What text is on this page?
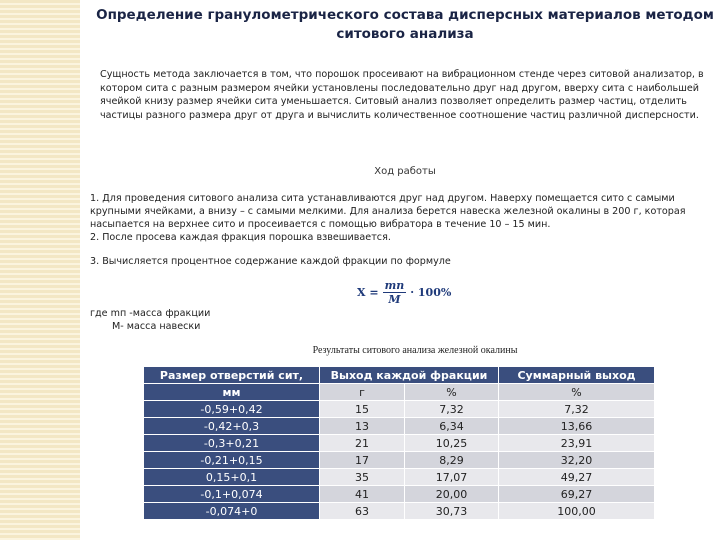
Определение гранулометрического состава дисперсных материалов методом ситового анализа
Сущность метода заключается в том, что порошок просеивают на вибрационном стенде через ситовой анализатор, в котором сита с разным размером ячейки установлены последовательно друг над другом, вверху сита с наибольшей ячейкой книзу размер ячейки сита уменьшается. Ситовый анализ позволяет определить размер частиц, отделить частицы разного размера друг от друга и вычислить количественное соотношение частиц различной дисперсности.
Ход работы

1. Для проведения ситового анализа сита устанавливаются друг над другом. Наверху помещается сито с самыми крупными ячейками, а внизу – с самыми мелкими. Для анализа берется навеска железной окалины в 200 г, которая насыпается на верхнее сито и просеивается с помощью вибратора в течение 10 – 15 мин.

2. После просева каждая фракция порошка взвешивается.

3. Вычисляется процентное содержание каждой фракции по формуле

$X = \frac{mп}{M} \cdot 100\%$
где mп -масса фракции
M- масса навески
Результаты ситового анализа железной окалины
Размер отверстий сит,	Выход каждой фракции		Суммарный выход
мм	г	%	%
-0,59+0,42	15	7,32	7,32
-0,42+0,3	13	6,34	13,66
-0,3+0,21	21	10,25	23,91
-0,21+0,15	17	8,29	32,20
0,15+0,1	35	17,07	49,27
-0,1+0,074	41	20,00	69,27
-0,074+0	63	30,73	100,00
